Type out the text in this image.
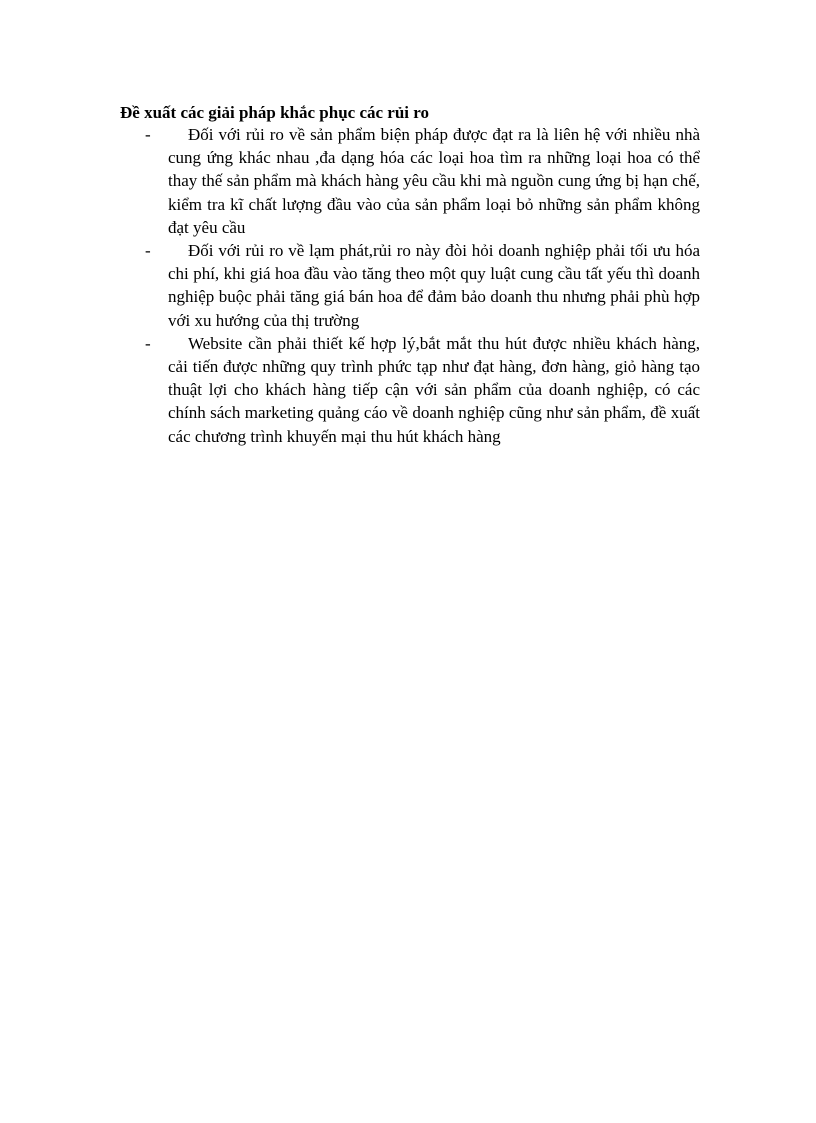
Đề xuất các giải pháp khắc phục các rủi ro
-	Đối với rủi ro về sản phẩm biện pháp được đạt ra là liên hệ với nhiều nhà cung ứng khác nhau ,đa dạng hóa các loại hoa tìm ra những loại hoa có thể thay thế sản phẩm mà khách hàng yêu cầu khi mà nguồn cung ứng bị hạn chế, kiểm tra kĩ chất lượng đầu vào của sản phẩm loại bỏ những sản phẩm không đạt yêu cầu
-	Đối với rủi ro về lạm phát,rủi ro này đòi hỏi doanh nghiệp phải tối ưu hóa chi phí, khi giá hoa đầu vào tăng theo một quy luật cung cầu tất yếu thì doanh nghiệp buộc phải tăng giá bán hoa để đảm bảo doanh thu nhưng phải phù hợp với xu hướng của thị trường
-	Website cần phải thiết kế hợp lý,bắt mắt thu hút được nhiều khách hàng, cải tiến được những quy trình phức tạp như đạt hàng, đơn hàng, giỏ hàng tạo thuật lợi cho khách hàng tiếp cận với sản phẩm của doanh nghiệp, có các chính sách marketing quảng cáo về doanh nghiệp cũng như sản phẩm, đề xuất các chương trình khuyến mại thu hút khách hàng
